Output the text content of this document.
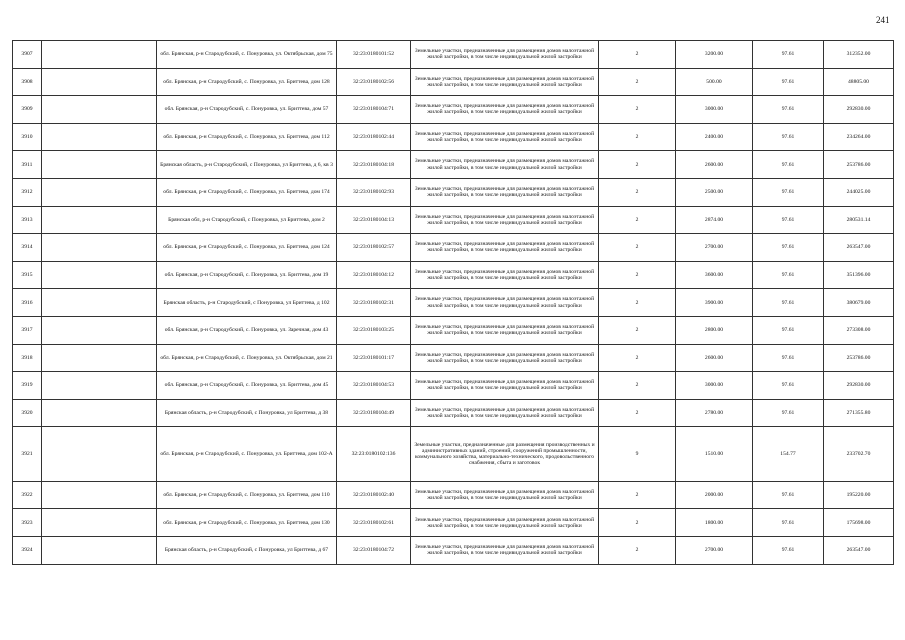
241
3907		обл. Брянская, р-н Стародубский, с. Понуровка, ул. Октябрьская, дом 75	32:23:0180101:52	Земельные участки, предназначенные для размещения домов малоэтажной жилой застройки, в том числе индивидуальной жилой застройки	2	3200.00	97.61	312352.00
3908		обл. Брянская, р-н Стародубский, с. Понуровка, ул. Бриттева, дом 128	32:23:0180102:56	Земельные участки, предназначенные для размещения домов малоэтажной жилой застройки, в том числе индивидуальной жилой застройки	2	500.00	97.61	48805.00
3909		обл. Брянская, р-н Стародубский, с. Понуровка, ул. Бриттева, дом 57	32:23:0180104:71	Земельные участки, предназначенные для размещения домов малоэтажной жилой застройки, в том числе индивидуальной жилой застройки	2	3000.00	97.61	292830.00
3910		обл. Брянская, р-н Стародубский, с. Понуровка, ул. Бриттева, дом 112	32:23:0180102:44	Земельные участки, предназначенные для размещения домов малоэтажной жилой застройки, в том числе индивидуальной жилой застройки	2	2400.00	97.61	234264.00
3911		Брянская область, р-н Стародубский, с Понуровка, ул Бриттева, д 6, кв 3	32:23:0180104:18	Земельные участки, предназначенные для размещения домов малоэтажной жилой застройки, в том числе индивидуальной жилой застройки	2	2600.00	97.61	253786.00
3912		обл. Брянская, р-н Стародубский, с. Понуровка, ул. Бриттева, дом 174	32:23:0180102:93	Земельные участки, предназначенные для размещения домов малоэтажной жилой застройки, в том числе индивидуальной жилой застройки	2	2500.00	97.61	244025.00
3913		Брянская обл, р-н Стародубский, с Понуровка, ул Бриттева, дом 2	32:23:0180104:13	Земельные участки, предназначенные для размещения домов малоэтажной жилой застройки, в том числе индивидуальной жилой застройки	2	2874.00	97.61	280531.14
3914		обл. Брянская, р-н Стародубский, с. Понуровка, ул. Бриттева, дом 124	32:23:0180102:57	Земельные участки, предназначенные для размещения домов малоэтажной жилой застройки, в том числе индивидуальной жилой застройки	2	2700.00	97.61	263547.00
3915		обл. Брянская, р-н Стародубский, с. Понуровка, ул. Бриттева, дом 19	32:23:0180104:12	Земельные участки, предназначенные для размещения домов малоэтажной жилой застройки, в том числе индивидуальной жилой застройки	2	3600.00	97.61	351396.00
3916		Брянская область, р-н Стародубский, с Понуровка, ул Бриттева, д 102	32:23:0180102:31	Земельные участки, предназначенные для размещения домов малоэтажной жилой застройки, в том числе индивидуальной жилой застройки	2	3900.00	97.61	380679.00
3917		обл. Брянская, р-н Стародубский, с. Понуровка, ул. Заречная, дом 43	32:23:0180103:25	Земельные участки, предназначенные для размещения домов малоэтажной жилой застройки, в том числе индивидуальной жилой застройки	2	2800.00	97.61	273308.00
3918		обл. Брянская, р-н Стародубский, с. Понуровка, ул. Октябрьская, дом 21	32:23:0180101:17	Земельные участки, предназначенные для размещения домов малоэтажной жилой застройки, в том числе индивидуальной жилой застройки	2	2600.00	97.61	253786.00
3919		обл. Брянская, р-н Стародубский, с. Понуровка, ул. Бриттева, дом 45	32:23:0180104:53	Земельные участки, предназначенные для размещения домов малоэтажной жилой застройки, в том числе индивидуальной жилой застройки	2	3000.00	97.61	292830.00
3920		Брянская область, р-н Стародубский, с Понуровка, ул Бриттева, д 38	32:23:0180104:49	Земельные участки, предназначенные для размещения домов малоэтажной жилой застройки, в том числе индивидуальной жилой застройки	2	2780.00	97.61	271355.80
3921		обл. Брянская, р-н Стародубский, с. Понуровка, ул. Бриттева, дом 102-А	32:23:0180102:136	Земельные участки, предназначенные для размещения производственных и административных зданий, строений, сооружений промышленности, коммунального хозяйства, материально-технического, продовольственного снабжения, сбыта и заготовок	9	1510.00	154.77	233702.70
3922		обл. Брянская, р-н Стародубский, с. Понуровка, ул. Бриттева, дом 110	32:23:0180102:40	Земельные участки, предназначенные для размещения домов малоэтажной жилой застройки, в том числе индивидуальной жилой застройки	2	2000.00	97.61	195220.00
3923		обл. Брянская, р-н Стародубский, с. Понуровка, ул. Бриттева, дом 130	32:23:0180102:61	Земельные участки, предназначенные для размещения домов малоэтажной жилой застройки, в том числе индивидуальной жилой застройки	2	1800.00	97.61	175698.00
3924		Брянская область, р-н Стародубский, с Понуровка, ул Бриттева, д 67	32:23:0180104:72	Земельные участки, предназначенные для размещения домов малоэтажной жилой застройки, в том числе индивидуальной жилой застройки	2	2700.00	97.61	263547.00
